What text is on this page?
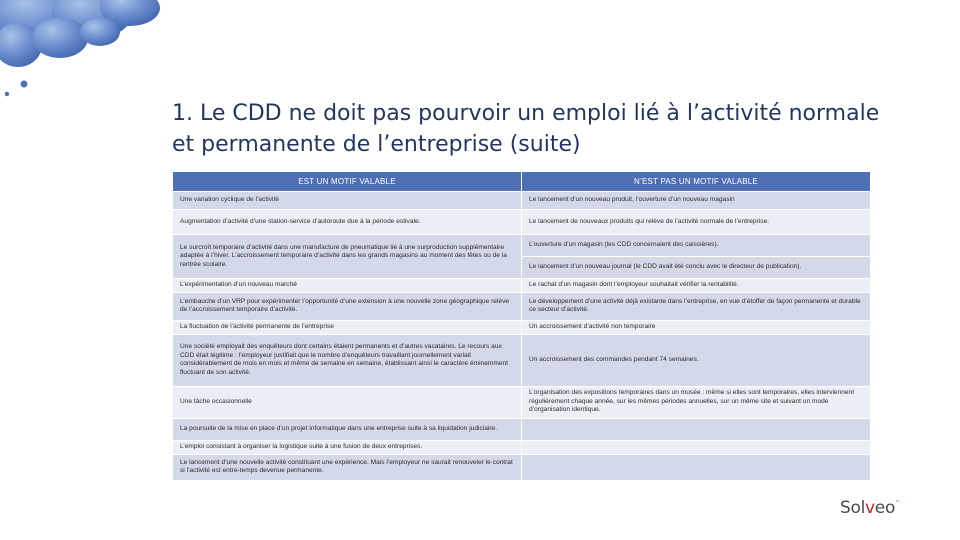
1. Le CDD ne doit pas pourvoir un emploi lié à l’activité normale et permanente de l’entreprise (suite)
EST UN MOTIF VALABLE	N’EST PAS UN MOTIF VALABLE
Une variation cyclique de l’activité	Le lancement d’un nouveau produit, l’ouverture d’un nouveau magasin
Augmentation d’activité d’une station-service d’autoroute due à la période estivale.	Le lancement de nouveaux produits qui relève de l’activité normale de l’entreprise.
Le surcroît temporaire d’activité dans une manufacture de pneumatique lié à une surproduction supplémentaire adaptée à l’hiver. L’accroissement temporaire d’activité dans les grands magasins au moment des fêtes ou de la rentrée scolaire.	L’ouverture d’un magasin (les CDD concernaient des caissières).
	Le lancement d’un nouveau journal (le CDD avait été conclu avec le directeur de publication).
L’expérimentation d’un nouveau marché	Le rachat d’un magasin dont l’employeur souhaitait vérifier la rentabilité.
L’embauche d’un VRP pour expérimenter l’opportunité d’une extension à une nouvelle zone géographique relève de l’accroissement temporaire d’activité.	Le développement d’une activité déjà existante dans l’entreprise, en vue d’étoffer de façon permanente et durable ce secteur d’activité.
La fluctuation de l’activité permanente de l’entreprise	Un accroissement d’activité non temporaire
Une société employait des enquêteurs dont certains étaient permanents et d’autres vacataires. Le recours aux CDD était légitime : l’employeur justifiait que le nombre d’enquêteurs travaillant journellement variait considérablement de mois en mois et même de semaine en semaine, établissant ainsi le caractère éminemment fluctuant de son activité.	Un accroissement des commandes pendant 74 semaines.
Une tâche occasionnelle	L’organisation des expositions temporaires dans un musée : même si elles sont temporaires, elles interviennent régulièrement chaque année, sur les mêmes périodes annuelles, sur un même site et suivant un mode d’organisation identique.
La poursuite de la mise en place d’un projet informatique dans une entreprise suite à sa liquidation judiciaire.	
L’emploi consistant à organiser la logistique suite à une fusion de deux entreprises.	
Le lancement d’une nouvelle activité constituant une expérience. Mais l’employeur ne saurait renouveler le contrat si l’activité est entre-temps devenue permanente.	
Solveo™
